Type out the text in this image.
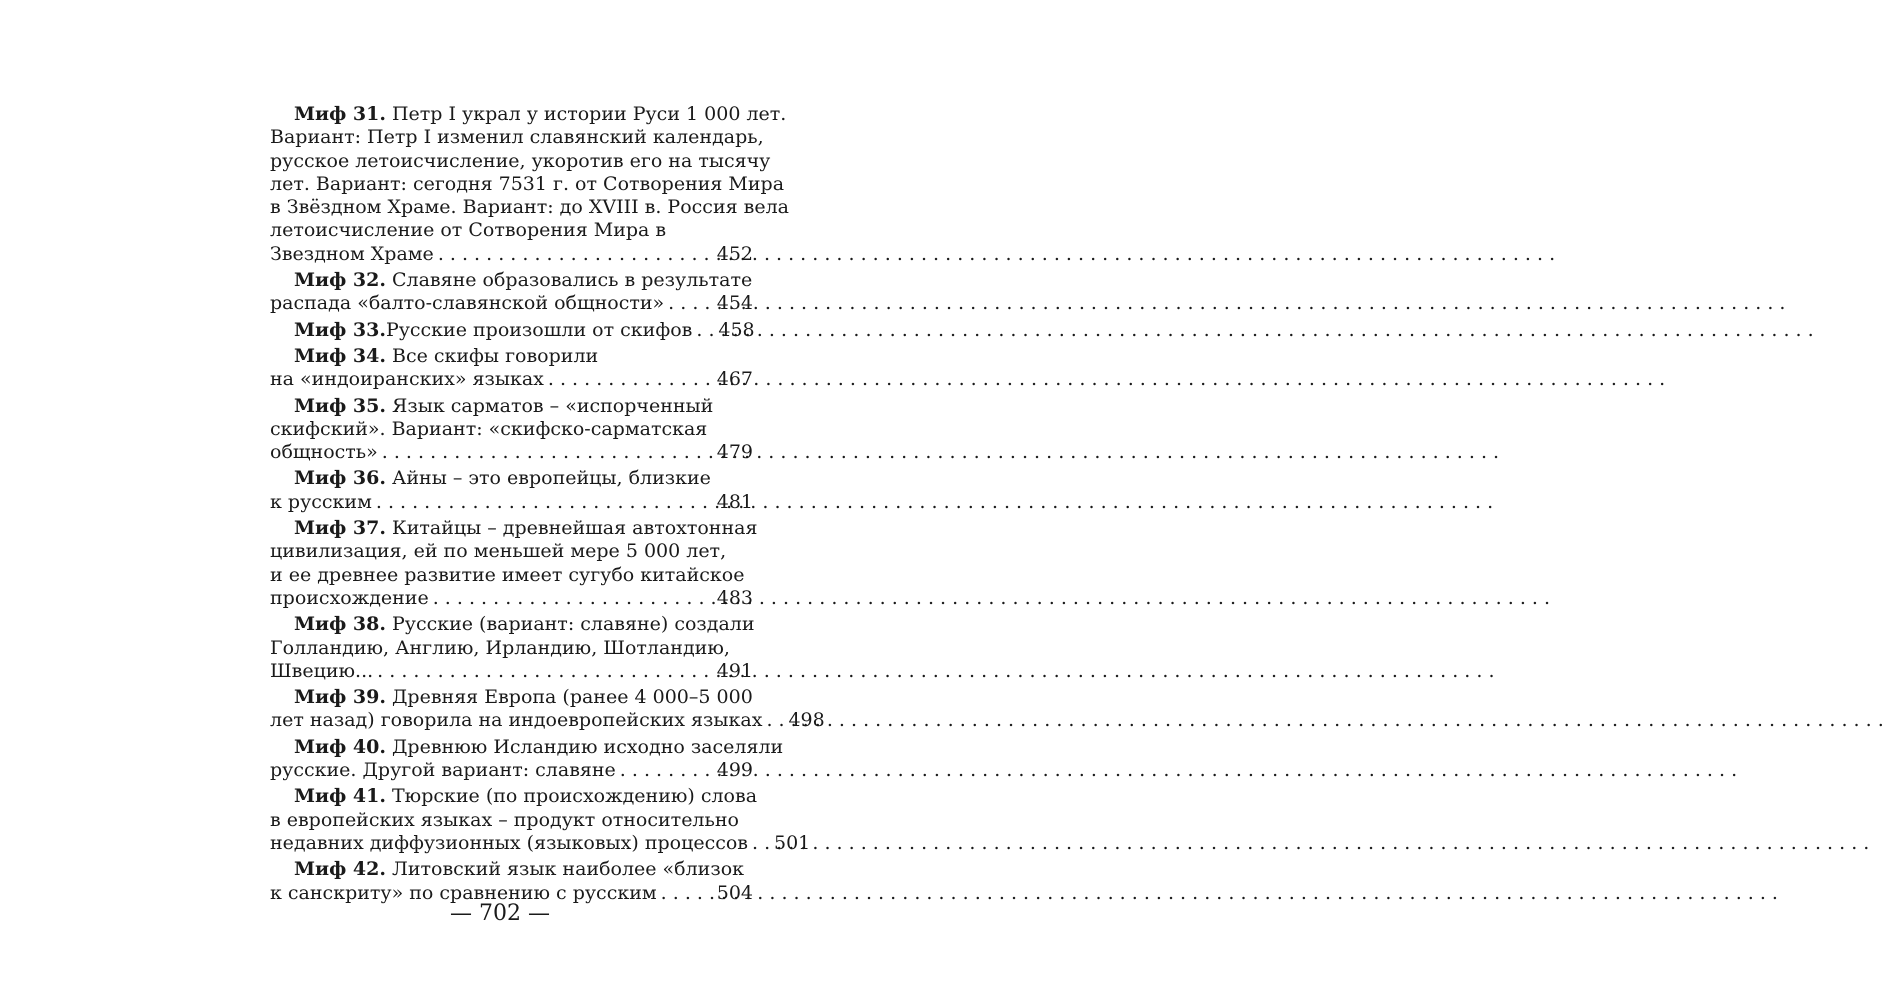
Миф 31. Петр I украл у истории Руси 1 000 лет.
Вариант: Петр I изменил славянский календарь,
русское летоисчисление, укоротив его на тысячу
лет. Вариант: сегодня 7531 г. от Сотворения Мира
в Звёздном Храме. Вариант: до XVIII в. Россия вела
летоисчисление от Сотворения Мира в
Звездном Храме . . .	452
Миф 32. Славяне образовались в результате
распада «балто-славянской общности» . . .	454
Миф 33. Русские произошли от скифов . . . 458
Миф 34. Все скифы говорили
на «индоиранских» языках . . .	467
Миф 35. Язык сарматов – «испорченный
скифский». Вариант: «скифско-сарматская
общность» . . .	479
Миф 36. Айны – это европейцы, близкие
к русским . . .	481
Миф 37. Китайцы – древнейшая автохтонная
цивилизация, ей по меньшей мере 5 000 лет,
и ее древнее развитие имеет сугубо китайское
происхождение . . .	483
Миф 38. Русские (вариант: славяне) создали
Голландию, Англию, Ирландию, Шотландию,
Швецию... . . .	491
Миф 39. Древняя Европа (ранее 4 000–5 000
лет назад) говорила на индоевропейских языках . . . 498
Миф 40. Древнюю Исландию исходно заселяли
русские. Другой вариант: славяне . . .	499
Миф 41. Тюрские (по происхождению) слова
в европейских языках – продукт относительно
недавних диффузионных (языковых) процессов . . . 501
Миф 42. Литовский язык наиболее «близок
к санскриту» по сравнению с русским . . .	504
— 702 —
